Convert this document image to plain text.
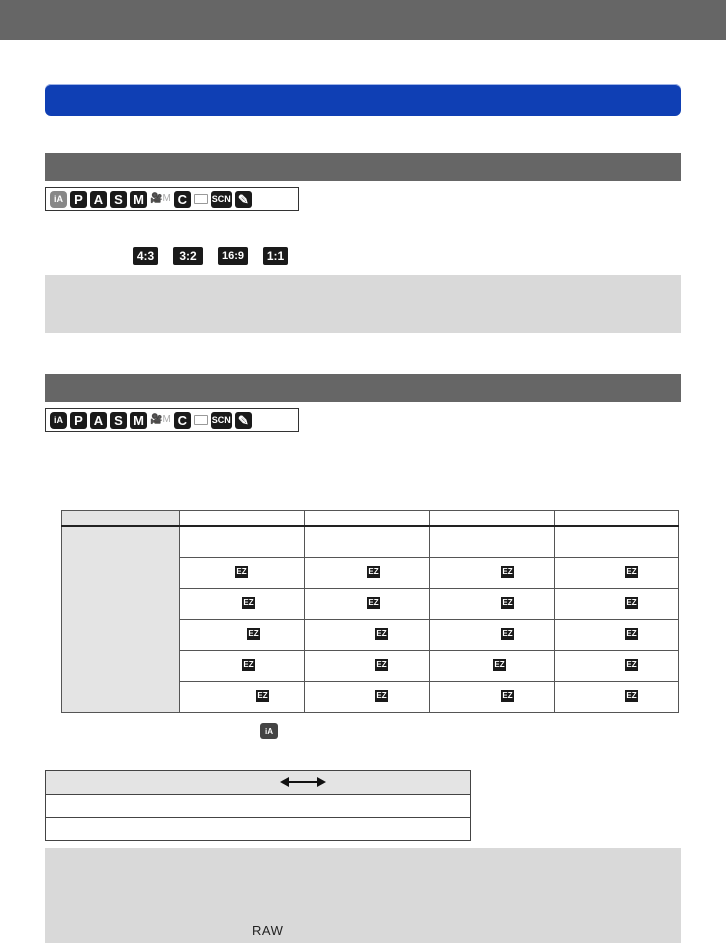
iA P A S M 🎥M C	SCN ✎
4:3	3:2	16:9	1:1
iA P A S M 🎥M C	SCN ✎

EZ	EZ	EZ	EZ

EZ	EZ	EZ	EZ

EZ	EZ	EZ	EZ

EZ	EZ	EZ	EZ

EZ	EZ	EZ	EZ
iA
RAW
